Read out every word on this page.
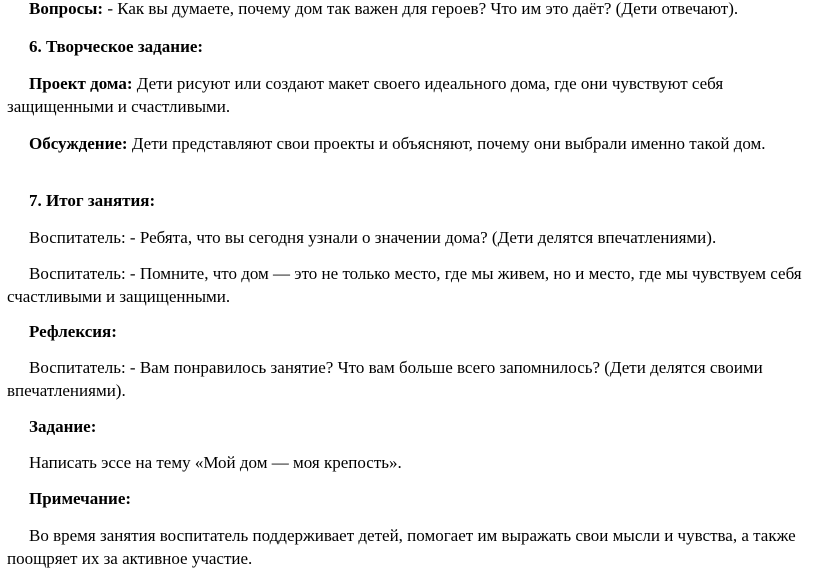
Вопросы: - Как вы думаете, почему дом так важен для героев? Что им это даёт? (Дети отвечают).

6. Творческое задание:

Проект дома: Дети рисуют или создают макет своего идеального дома, где они чувствуют себя защищенными и счастливыми.

Обсуждение: Дети представляют свои проекты и объясняют, почему они выбрали именно такой дом.

7. Итог занятия:

Воспитатель: - Ребята, что вы сегодня узнали о значении дома? (Дети делятся впечатлениями).

Воспитатель: - Помните, что дом — это не только место, где мы живем, но и место, где мы чувствуем себя счастливыми и защищенными.

Рефлексия:

Воспитатель: - Вам понравилось занятие? Что вам больше всего запомнилось? (Дети делятся своими впечатлениями).

Задание:

Написать эссе на тему «Мой дом — моя крепость».

Примечание:

Во время занятия воспитатель поддерживает детей, помогает им выражать свои мысли и чувства, а также поощряет их за активное участие.
